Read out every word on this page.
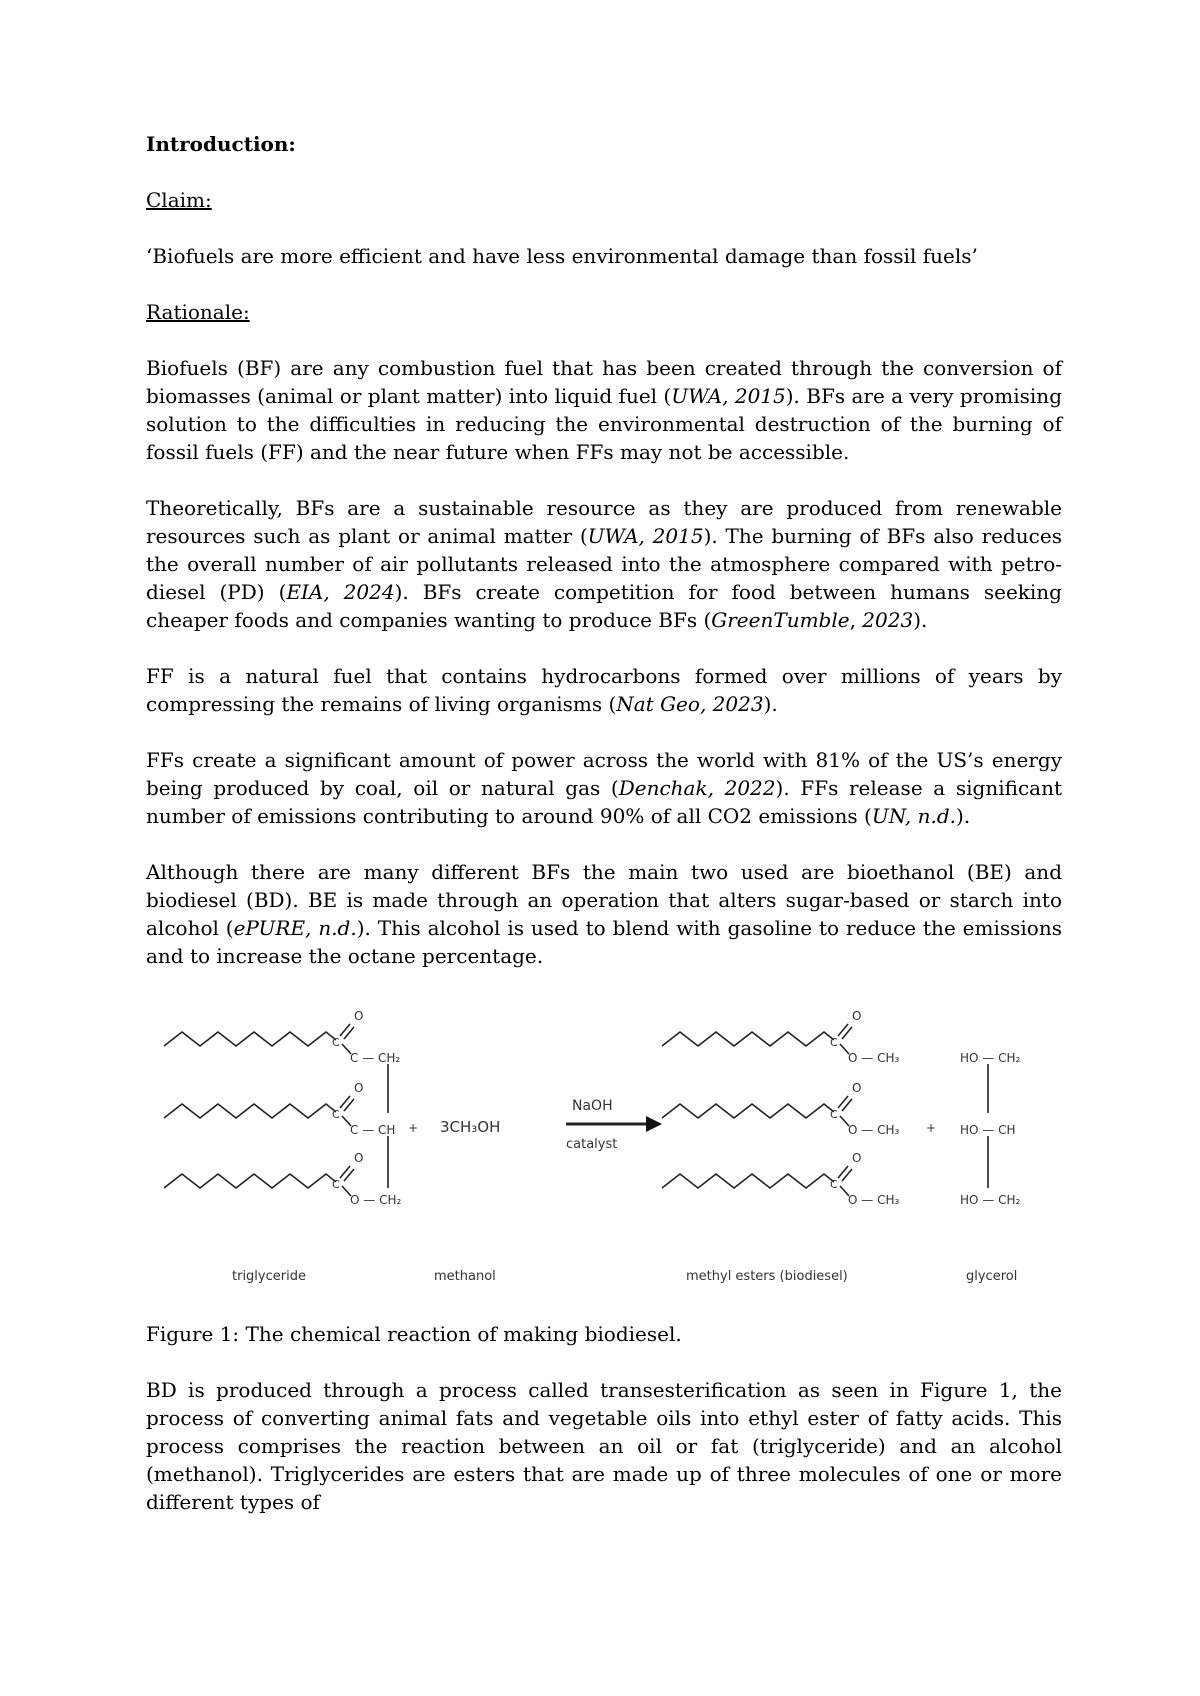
Introduction:

Claim:

‘Biofuels are more efficient and have less environmental damage than fossil fuels’

Rationale:

Biofuels (BF) are any combustion fuel that has been created through the conversion of biomasses (animal or plant matter) into liquid fuel (UWA, 2015). BFs are a very promising solution to the difficulties in reducing the environmental destruction of the burning of fossil fuels (FF) and the near future when FFs may not be accessible.

Theoretically, BFs are a sustainable resource as they are produced from renewable resources such as plant or animal matter (UWA, 2015). The burning of BFs also reduces the overall number of air pollutants released into the atmosphere compared with petro-diesel (PD) (EIA, 2024). BFs create competition for food between humans seeking cheaper foods and companies wanting to produce BFs (GreenTumble, 2023).

FF is a natural fuel that contains hydrocarbons formed over millions of years by compressing the remains of living organisms (Nat Geo, 2023).

FFs create a significant amount of power across the world with 81% of the US’s energy being produced by coal, oil or natural gas (Denchak, 2022). FFs release a significant number of emissions contributing to around 90% of all CO2 emissions (UN, n.d.).

Although there are many different BFs the main two used are bioethanol (BE) and biodiesel (BD). BE is made through an operation that alters sugar-based or starch into alcohol (ePURE, n.d.). This alcohol is used to blend with gasoline to reduce the emissions and to increase the octane percentage.

O
O
O
C
C
C
C — CH₂
C — CH
O — CH₂
+ 3CH₃OH
NaOH
catalyst
O
O
O
C
C
C
O — CH₃
O — CH₃
O — CH₃
+
HO — CH₂
HO — CH
HO — CH₂
triglyceride	methanol	methyl esters (biodiesel)	glycerol

Figure 1: The chemical reaction of making biodiesel.

BD is produced through a process called transesterification as seen in Figure 1, the process of converting animal fats and vegetable oils into ethyl ester of fatty acids. This process comprises the reaction between an oil or fat (triglyceride) and an alcohol (methanol). Triglycerides are esters that are made up of three molecules of one or more different types of
